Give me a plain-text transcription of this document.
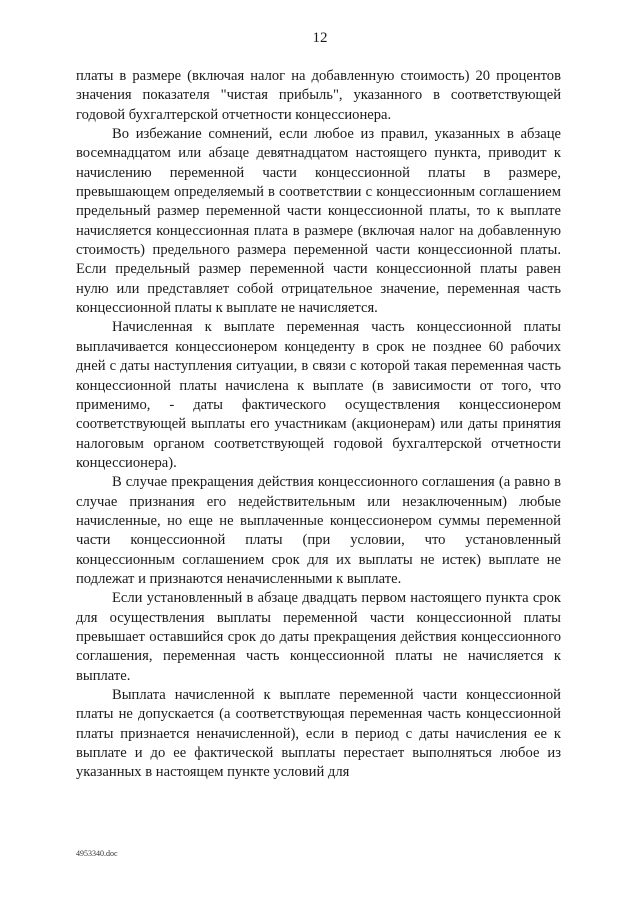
12

платы в размере (включая налог на добавленную стоимость) 20 процентов значения показателя "чистая прибыль", указанного в соответствующей годовой бухгалтерской отчетности концессионера.

Во избежание сомнений, если любое из правил, указанных в абзаце восемнадцатом или абзаце девятнадцатом настоящего пункта, приводит к начислению переменной части концессионной платы в размере, превышающем определяемый в соответствии с концессионным соглашением предельный размер переменной части концессионной платы, то к выплате начисляется концессионная плата в размере (включая налог на добавленную стоимость) предельного размера переменной части концессионной платы. Если предельный размер переменной части концессионной платы равен нулю или представляет собой отрицательное значение, переменная часть концессионной платы к выплате не начисляется.

Начисленная к выплате переменная часть концессионной платы выплачивается концессионером концеденту в срок не позднее 60 рабочих дней с даты наступления ситуации, в связи с которой такая переменная часть концессионной платы начислена к выплате (в зависимости от того, что применимо, - даты фактического осуществления концессионером соответствующей выплаты его участникам (акционерам) или даты принятия налоговым органом соответствующей годовой бухгалтерской отчетности концессионера).

В случае прекращения действия концессионного соглашения (а равно в случае признания его недействительным или незаключенным) любые начисленные, но еще не выплаченные концессионером суммы переменной части концессионной платы (при условии, что установленный концессионным соглашением срок для их выплаты не истек) выплате не подлежат и признаются неначисленными к выплате.

Если установленный в абзаце двадцать первом настоящего пункта срок для осуществления выплаты переменной части концессионной платы превышает оставшийся срок до даты прекращения действия концессионного соглашения, переменная часть концессионной платы не начисляется к выплате.

Выплата начисленной к выплате переменной части концессионной платы не допускается (а соответствующая переменная часть концессионной платы признается неначисленной), если в период с даты начисления ее к выплате и до ее фактической выплаты перестает выполняться любое из указанных в настоящем пункте условий для

4953340.doc
